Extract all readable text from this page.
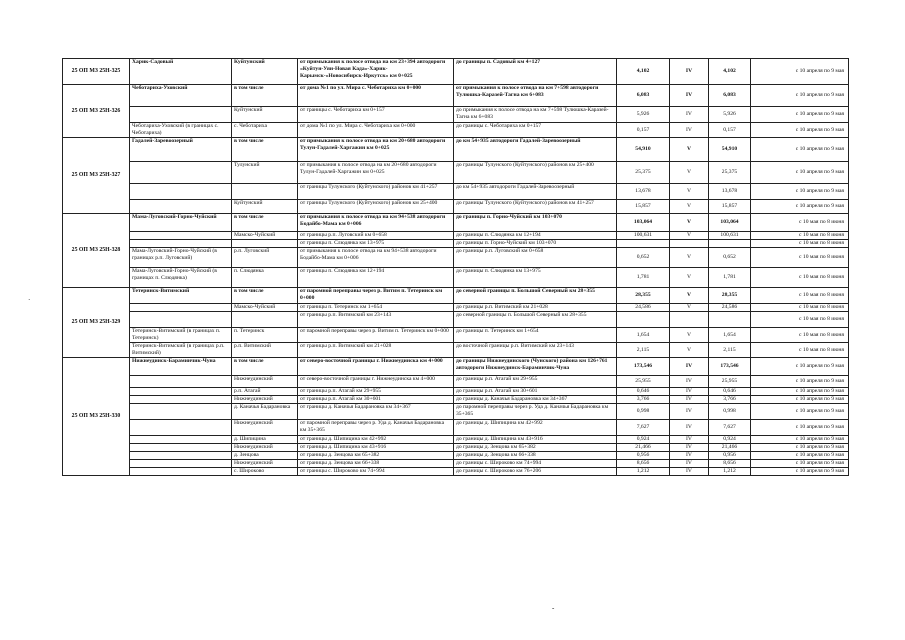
·
25 ОП МЗ 25Н-325	Харик-Садовый	Куйтунский	от примыкания к полосе отвода на км 23+394 автодороги «Куйтун-Уян-Новая Када»-Харик-Карымск-«Новосибирск-Иркутск» км 0+025	до границы п. Садовый км 4+127	4,102	IV	4,102	с 10 апреля по 9 мая
25 ОП МЗ 25Н-326	Чеботариха-Уховский	в том числе	от дома №1 по ул. Мира с. Чеботариха км 0+000	от примыкания к полосе отвода на км 7+598 автодороги Тулюшка-Каразей-Тагна км 6+083	6,083	IV	6,083	с 10 апреля по 9 мая
		Куйтунский	от границы с. Чеботариха км 0+157	до примыкания к полосе отвода на км 7+598 Тулюшка-Каразей-Тагна км 6+083	5,926	IV	5,926	с 10 апреля по 9 мая
	Чеботариха-Уховский (в границах с. Чеботариха)	с. Чеботариха	от дома №1 по ул. Мира с. Чеботариха км 0+000	до границы с. Чеботариха км 0+157	0,157	IV	0,157	с 10 апреля по 9 мая
25 ОП МЗ 25Н-327	Гадалей-Заревоозерный	в том числе	от примыкания к полосе отвода на км 20+680 автодороги Тулун-Гадалей-Харгажин км 0+025	до км 54+935 автодороги Гадалей-Заревоозерный	54,910	V	54,910	с 10 апреля по 9 мая
		Тулунский	от примыкания к полосе отвода на км 20+680 автодороги Тулун-Гадалей-Харгажин км 0+025	до границы Тулунского (Куйтунского) районов км 25+400	25,375	V	25,375	с 10 апреля по 9 мая
			от границы Тулунского (Куйтунского) районов км 41+257	до км 54+935 автодороги Гадалей-Заревоозерный	13,678	V	13,678	с 10 апреля по 9 мая
		Куйтунский	от границы Тулунского (Куйтунского) районов км 25+400	до границы Тулунского (Куйтунского) районов км 41+257	15,857	V	15,857	с 10 апреля по 9 мая
25 ОП МЗ 25Н-328	Мама-Луговский-Горно-Чуйский	в том числе	от примыкания к полосе отвода на км 94+538 автодороги Бодайбо-Мама км 0+006	до границы п. Горно-Чуйский км 103+070	103,064	V	103,064	с 10 мая по 8 июня
		Мамско-Чуйский	от границы р.п. Луговский км 0+658	до границы п. Слюдянка км 12+194	100,631	V	100,631	с 10 мая по 8 июня
			от границы п. Слюдянка км 13+975	до границы п. Горно-Чуйский км 103+070				с 10 мая по 8 июня
	Мама-Луговский-Горно-Чуйский (в границах р.п. Луговский)	р.п. Луговский	от примыкания к полосе отвода на км 94+538 автодороги Бодайбо-Мама км 0+006	до границы р.п. Луговский км 0+658	0,652	V	0,652	с 10 мая по 8 июня
	Мама-Луговский-Горно-Чуйский (в границах п. Слюдянка)	п. Слюдянка	от границы п. Слюдянка км 12+194	до границы п. Слюдянка км 13+975	1,781	V	1,781	с 10 мая по 8 июня
25 ОП МЗ 25Н-329	Тетеринск-Витимский	в том числе	от паромной переправы через р. Витим п. Тетеринск км 0+000	до северной границы п. Большой Северный км 28+355	28,355	V	28,355	с 10 мая по 8 июня
		Мамско-Чуйский	от границы п. Тетеринск км 1+654	до границы р.п. Витимский км 21+028	24,586	V	24,586	с 10 мая по 8 июня
			от границы р.п. Витимский км 23+143	до северной границы п. Большой Северный км 28+355				с 10 мая по 8 июня
	Тетеринск-Витимский (в границах п. Тетеринск)	п. Тетеринск	от паромной переправы через р. Витим п. Тетеринск км 0+000	до границы п. Тетеринск км 1+654	1,654	V	1,654	с 10 мая по 8 июня
	Тетеринск-Витимский (в границах р.п. Витимский)	р.п. Витимский	от границы р.п. Витимский км 21+028	до восточной границы р.п. Витимский км 23+143	2,115	V	2,115	с 10 мая по 8 июня
25 ОП МЗ 25Н-330	Нижнеудинск-Бараминчик-Чуна	в том числе	от северо-восточной границы г. Нижнеудинска км 4+000	до границы Нижнеудинского (Чунского) района км 126+761 автодороги Нижнеудинск-Бараминчик-Чуна	173,546	IV	173,546	с 10 апреля по 9 мая
		Нижнеудинский	от северо-восточной границы г. Нижнеудинска км 4+000	до границы р.п. Атагай км 29+955	25,955	IV	25,955	с 10 апреля по 9 мая
		р.п. Атагай	от границы р.п. Атагай км 29+955	до границы р.п. Атагай км 30+601	0,646	IV	0,646	с 10 апреля по 9 мая
		Нижнеудинский	от границы р.п. Атагай км 30+601	до границы д. Каначья Бадарановка км 34+367	3,766	IV	3,766	с 10 апреля по 9 мая
		д. Каначья Бадарановка	от границы д. Каначья Бадарановка км 34+367	до паромной переправы через р. Уда д. Каначья Бадарановка км 35+365	0,998	IV	0,998	с 10 апреля по 9 мая
		Нижнеудинский	от паромной переправы через р. Уда д. Каначья Бадарановка км 35+365	до границы д. Шипицина км 42+992	7,627	IV	7,627	с 10 апреля по 9 мая
		д. Шипицина	от границы д. Шипицина км 42+992	до границы д. Шипицина км 43+916	0,924	IV	0,924	с 10 апреля по 9 мая
		Нижнеудинский	от границы д. Шипицина км 43+916	до границы д. Зенцова км 65+382	21,466	IV	21,466	с 10 апреля по 9 мая
		д. Зенцова	от границы д. Зенцова км 65+382	до границы д. Зенцова км 66+338	0,956	IV	0,956	с 10 апреля по 9 мая
		Нижнеудинский	от границы д. Зенцова км 66+338	до границы с. Широково км 74+994	8,656	IV	8,656	с 10 апреля по 9 мая
		с. Широково	от границы с. Широково км 74+994	до границы с. Широково км 76+206	1,212	IV	1,212	с 10 апреля по 9 мая
-
